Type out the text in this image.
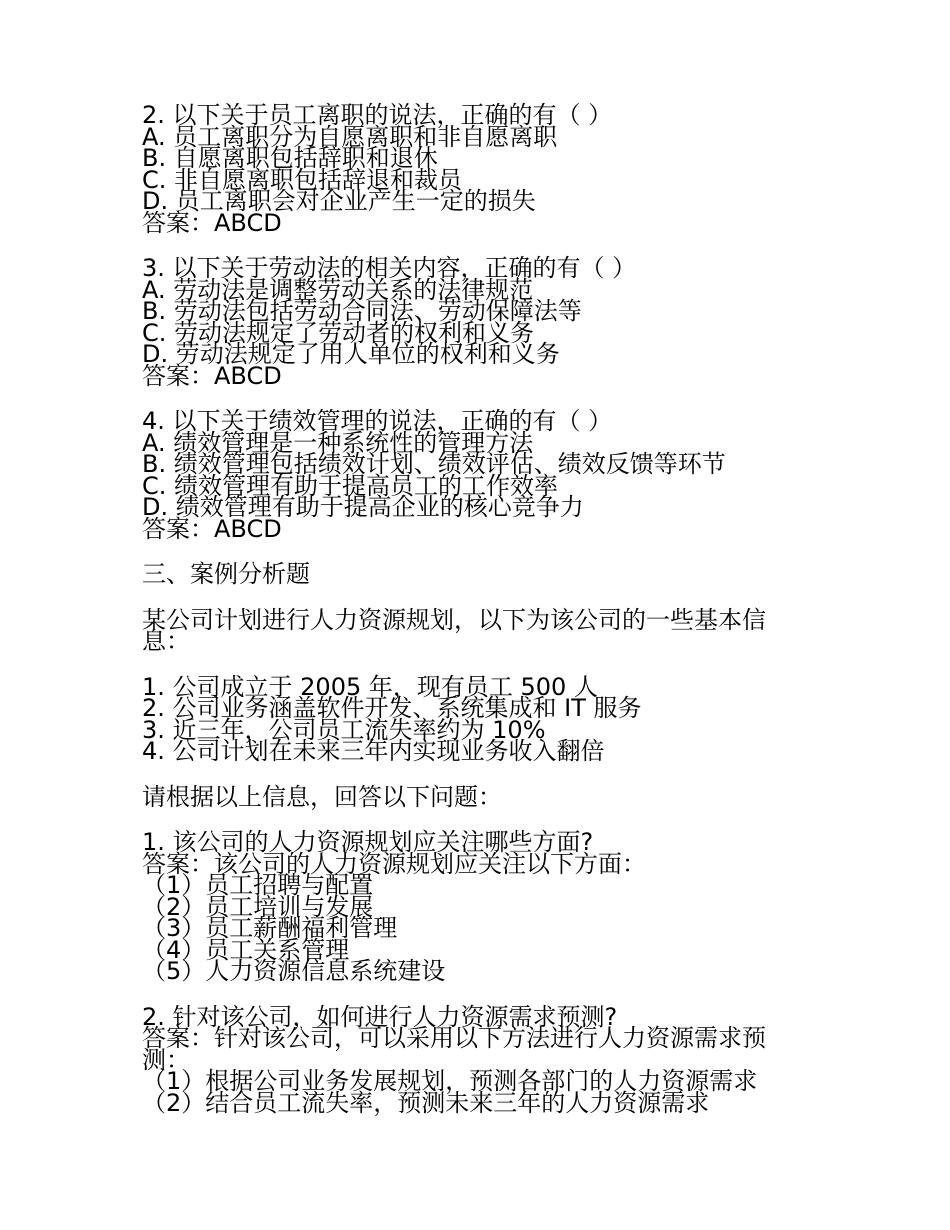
2. 以下关于员工离职的说法，正确的有（ ）
A. 员工离职分为自愿离职和非自愿离职
B. 自愿离职包括辞职和退休
C. 非自愿离职包括辞退和裁员
D. 员工离职会对企业产生一定的损失
答案：ABCD
3. 以下关于劳动法的相关内容，正确的有（ ）
A. 劳动法是调整劳动关系的法律规范
B. 劳动法包括劳动合同法、劳动保障法等
C. 劳动法规定了劳动者的权利和义务
D. 劳动法规定了用人单位的权利和义务
答案：ABCD
4. 以下关于绩效管理的说法，正确的有（ ）
A. 绩效管理是一种系统性的管理方法
B. 绩效管理包括绩效计划、绩效评估、绩效反馈等环节
C. 绩效管理有助于提高员工的工作效率
D. 绩效管理有助于提高企业的核心竞争力
答案：ABCD
三、案例分析题
某公司计划进行人力资源规划，以下为该公司的一些基本信息：
1. 公司成立于 2005 年，现有员工 500 人
2. 公司业务涵盖软件开发、系统集成和 IT 服务
3. 近三年，公司员工流失率约为 10%
4. 公司计划在未来三年内实现业务收入翻倍
请根据以上信息，回答以下问题：
1. 该公司的人力资源规划应关注哪些方面?
答案：该公司的人力资源规划应关注以下方面：
（1）员工招聘与配置
（2）员工培训与发展
（3）员工薪酬福利管理
（4）员工关系管理
（5）人力资源信息系统建设
2. 针对该公司，如何进行人力资源需求预测?
答案：针对该公司，可以采用以下方法进行人力资源需求预测：
（1）根据公司业务发展规划，预测各部门的人力资源需求
（2）结合员工流失率，预测未来三年的人力资源需求
